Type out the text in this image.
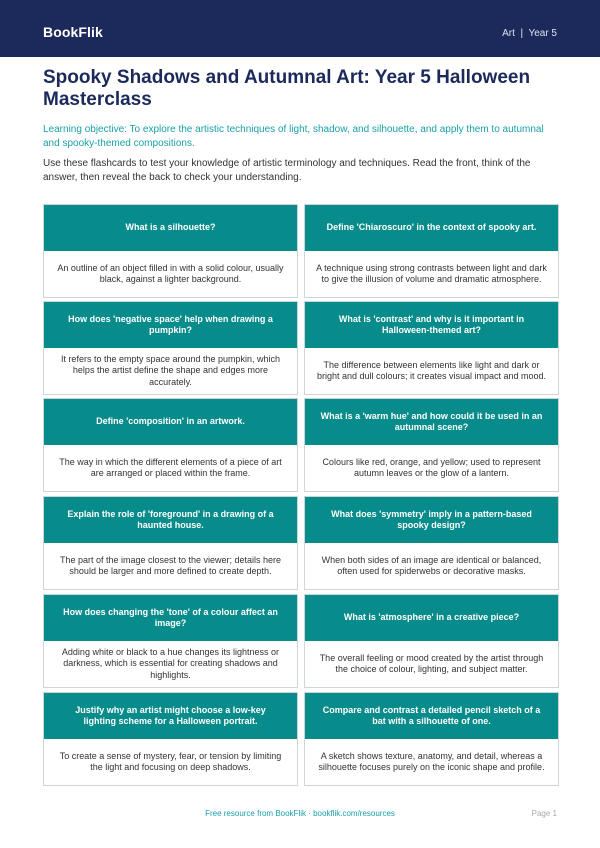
BookFlik	Art  |  Year 5
Spooky Shadows and Autumnal Art: Year 5 Halloween Masterclass
Learning objective: To explore the artistic techniques of light, shadow, and silhouette, and apply them to autumnal and spooky-themed compositions.
Use these flashcards to test your knowledge of artistic terminology and techniques. Read the front, think of the answer, then reveal the back to check your understanding.
What is a silhouette?
An outline of an object filled in with a solid colour, usually black, against a lighter background.
Define 'Chiaroscuro' in the context of spooky art.
A technique using strong contrasts between light and dark to give the illusion of volume and dramatic atmosphere.
How does 'negative space' help when drawing a pumpkin?
It refers to the empty space around the pumpkin, which helps the artist define the shape and edges more accurately.
What is 'contrast' and why is it important in Halloween-themed art?
The difference between elements like light and dark or bright and dull colours; it creates visual impact and mood.
Define 'composition' in an artwork.
The way in which the different elements of a piece of art are arranged or placed within the frame.
What is a 'warm hue' and how could it be used in an autumnal scene?
Colours like red, orange, and yellow; used to represent autumn leaves or the glow of a lantern.
Explain the role of 'foreground' in a drawing of a haunted house.
The part of the image closest to the viewer; details here should be larger and more defined to create depth.
What does 'symmetry' imply in a pattern-based spooky design?
When both sides of an image are identical or balanced, often used for spiderwebs or decorative masks.
How does changing the 'tone' of a colour affect an image?
Adding white or black to a hue changes its lightness or darkness, which is essential for creating shadows and highlights.
What is 'atmosphere' in a creative piece?
The overall feeling or mood created by the artist through the choice of colour, lighting, and subject matter.
Justify why an artist might choose a low-key lighting scheme for a Halloween portrait.
To create a sense of mystery, fear, or tension by limiting the light and focusing on deep shadows.
Compare and contrast a detailed pencil sketch of a bat with a silhouette of one.
A sketch shows texture, anatomy, and detail, whereas a silhouette focuses purely on the iconic shape and profile.
Free resource from BookFlik · bookflik.com/resources	Page 1
